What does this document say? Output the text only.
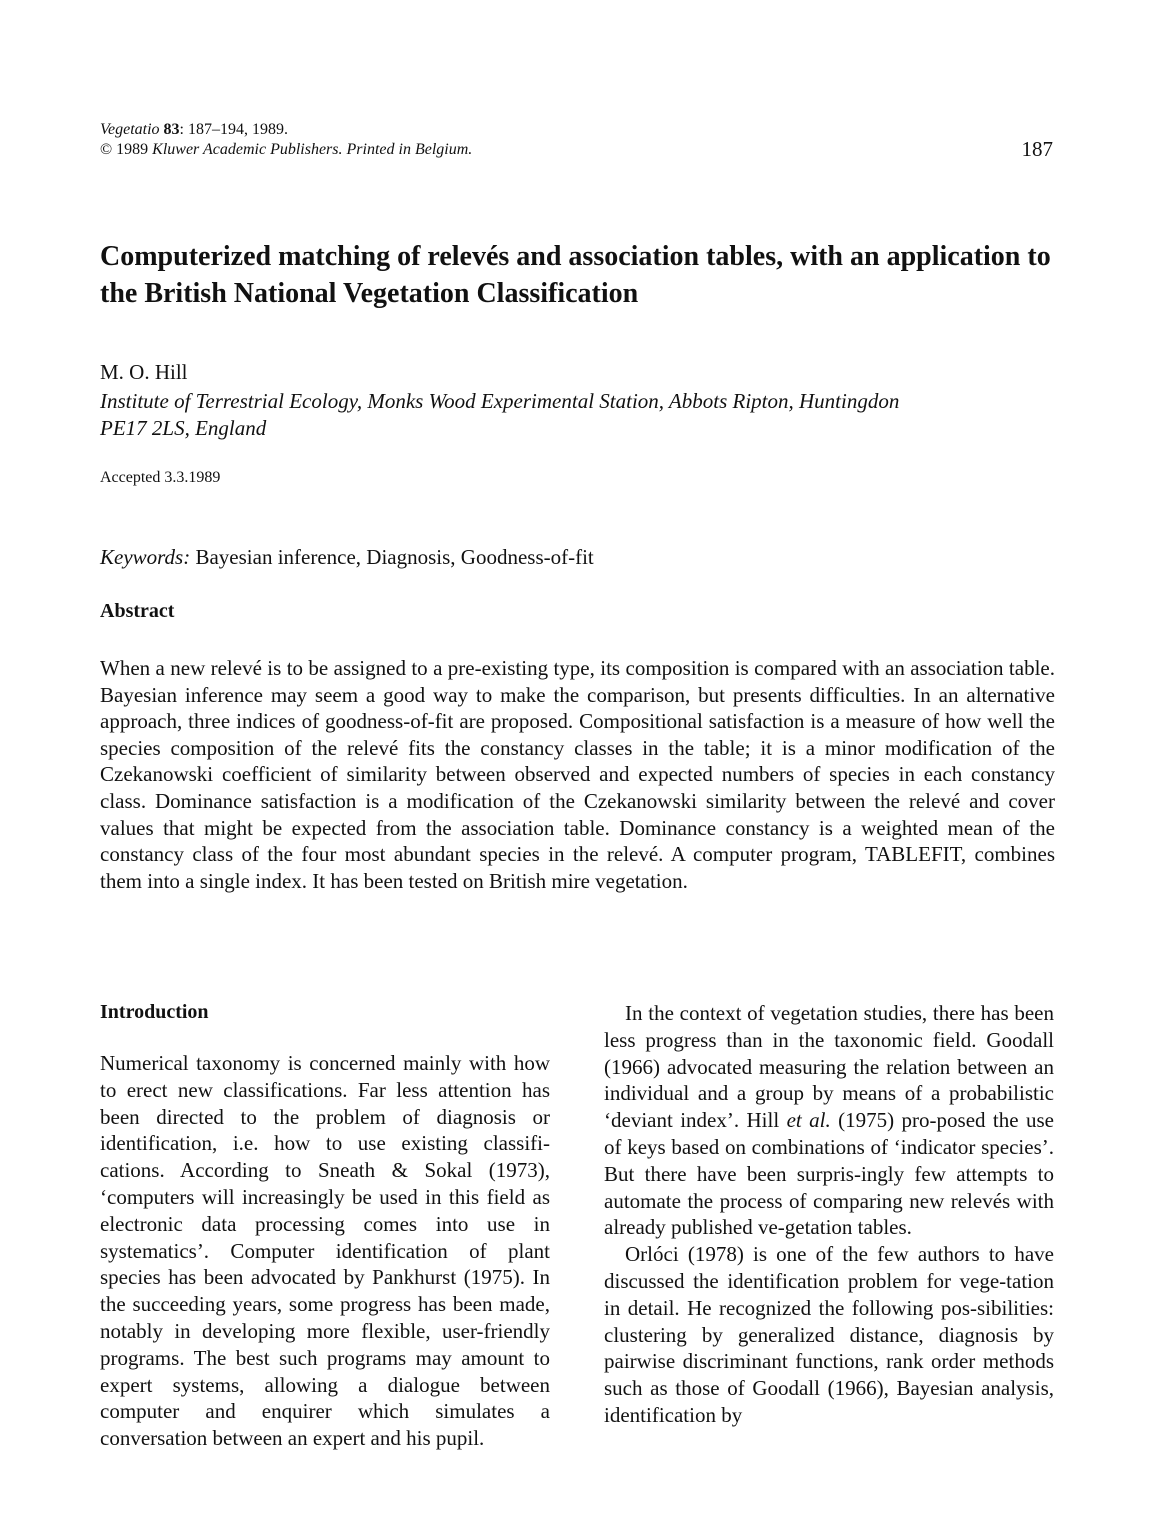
Vegetatio 83: 187–194, 1989.
© 1989 Kluwer Academic Publishers. Printed in Belgium.	187
Computerized matching of relevés and association tables, with an application to the British National Vegetation Classification
M. O. Hill
Institute of Terrestrial Ecology, Monks Wood Experimental Station, Abbots Ripton, Huntingdon
PE17 2LS, England
Accepted 3.3.1989
Keywords: Bayesian inference, Diagnosis, Goodness-of-fit
Abstract

When a new relevé is to be assigned to a pre-existing type, its composition is compared with an association table. Bayesian inference may seem a good way to make the comparison, but presents difficulties. In an alternative approach, three indices of goodness-of-fit are proposed. Compositional satisfaction is a measure of how well the species composition of the relevé fits the constancy classes in the table; it is a minor modification of the Czekanowski coefficient of similarity between observed and expected numbers of species in each constancy class. Dominance satisfaction is a modification of the Czekanowski similarity between the relevé and cover values that might be expected from the association table. Dominance constancy is a weighted mean of the constancy class of the four most abundant species in the relevé. A computer program, TABLEFIT, combines them into a single index. It has been tested on British mire vegetation.

Introduction

Numerical taxonomy is concerned mainly with how to erect new classifications. Far less attention has been directed to the problem of diagnosis or identification, i.e. how to use existing classifi-cations. According to Sneath & Sokal (1973), ‘computers will increasingly be used in this field as electronic data processing comes into use in systematics’. Computer identification of plant species has been advocated by Pankhurst (1975). In the succeeding years, some progress has been made, notably in developing more flexible, user-friendly programs. The best such programs may amount to expert systems, allowing a dialogue between computer and enquirer which simulates a conversation between an expert and his pupil.

In the context of vegetation studies, there has been less progress than in the taxonomic field. Goodall (1966) advocated measuring the relation between an individual and a group by means of a probabilistic ‘deviant index’. Hill et al. (1975) pro-posed the use of keys based on combinations of ‘indicator species’. But there have been surpris-ingly few attempts to automate the process of comparing new relevés with already published ve-getation tables.

Orlóci (1978) is one of the few authors to have discussed the identification problem for vege-tation in detail. He recognized the following pos-sibilities: clustering by generalized distance, diagnosis by pairwise discriminant functions, rank order methods such as those of Goodall (1966), Bayesian analysis, identification by
